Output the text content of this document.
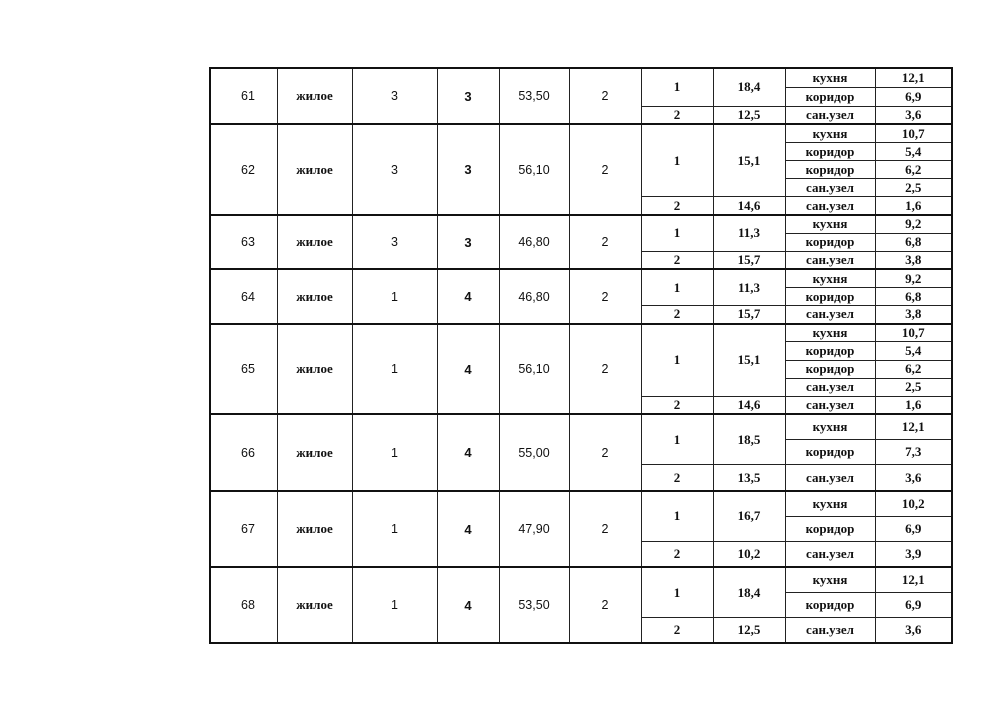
61	жилое	3	3	53,50	2	1	18,4	кухня	12,1
								коридор	6,9
						2	12,5	сан.узел	3,6
62	жилое	3	3	56,10	2	1	15,1	кухня	10,7
								коридор	5,4
								коридор	6,2
								сан.узел	2,5
						2	14,6	сан.узел	1,6
63	жилое	3	3	46,80	2	1	11,3	кухня	9,2
								коридор	6,8
						2	15,7	сан.узел	3,8
64	жилое	1	4	46,80	2	1	11,3	кухня	9,2
								коридор	6,8
						2	15,7	сан.узел	3,8
65	жилое	1	4	56,10	2	1	15,1	кухня	10,7
								коридор	5,4
								коридор	6,2
								сан.узел	2,5
						2	14,6	сан.узел	1,6
66	жилое	1	4	55,00	2	1	18,5	кухня	12,1
								коридор	7,3
						2	13,5	сан.узел	3,6
67	жилое	1	4	47,90	2	1	16,7	кухня	10,2
								коридор	6,9
						2	10,2	сан.узел	3,9
68	жилое	1	4	53,50	2	1	18,4	кухня	12,1
								коридор	6,9
						2	12,5	сан.узел	3,6
